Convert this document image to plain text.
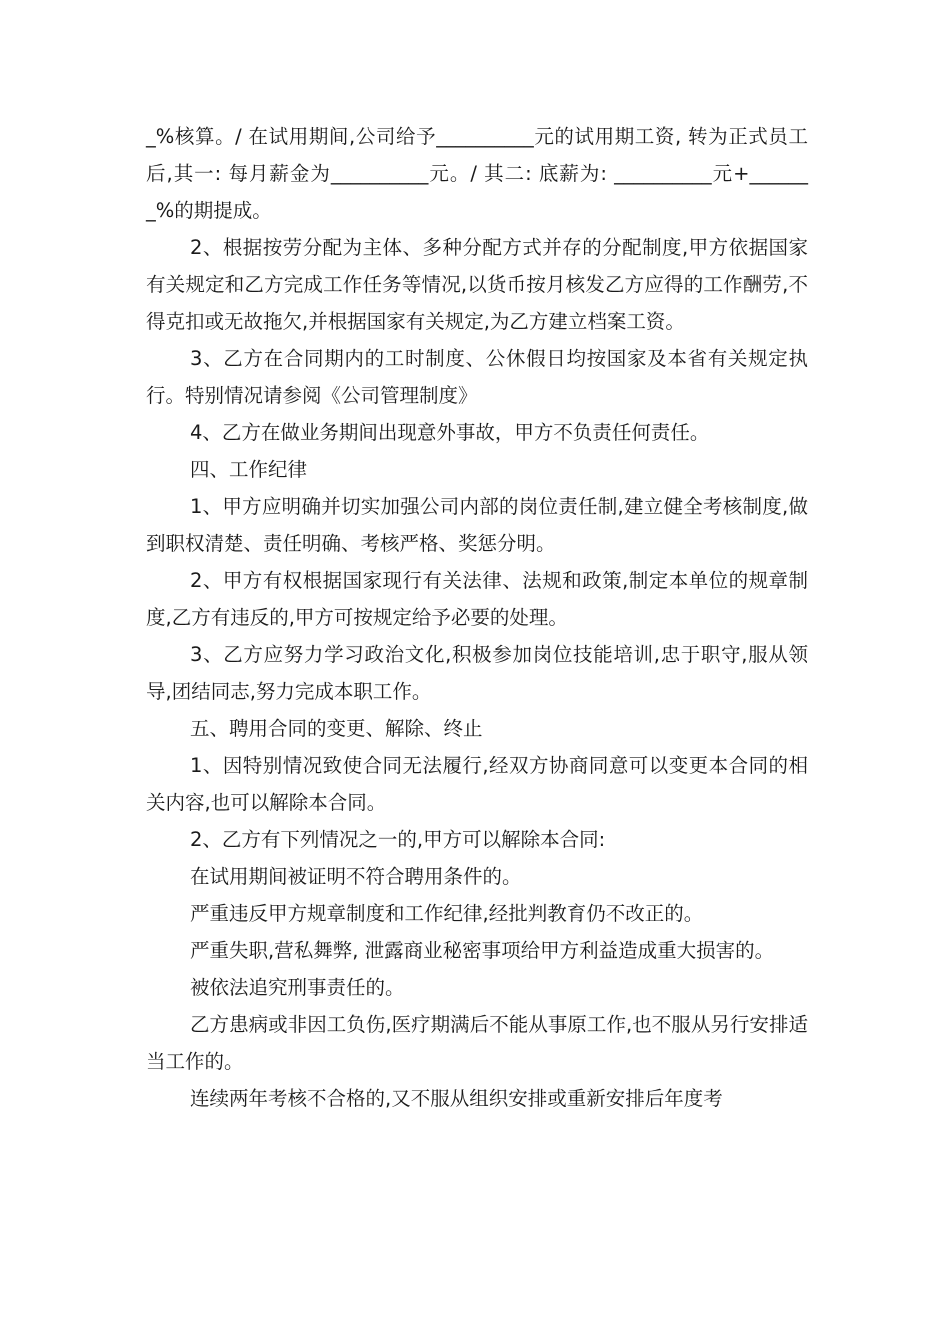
_%核算。/ 在试用期间,公司给予__________元的试用期工资, 转为正式员工后,其一: 每月薪金为__________元。/ 其二: 底薪为: __________元+_______%的期提成。

2、根据按劳分配为主体、多种分配方式并存的分配制度,甲方依据国家有关规定和乙方完成工作任务等情况,以货币按月核发乙方应得的工作酬劳,不得克扣或无故拖欠,并根据国家有关规定,为乙方建立档案工资。

3、乙方在合同期内的工时制度、公休假日均按国家及本省有关规定执行。特别情况请参阅《公司管理制度》

4、乙方在做业务期间出现意外事故，甲方不负责任何责任。

四、工作纪律

1、甲方应明确并切实加强公司内部的岗位责任制,建立健全考核制度,做到职权清楚、责任明确、考核严格、奖惩分明。

2、甲方有权根据国家现行有关法律、法规和政策,制定本单位的规章制度,乙方有违反的,甲方可按规定给予必要的处理。

3、乙方应努力学习政治文化,积极参加岗位技能培训,忠于职守,服从领导,团结同志,努力完成本职工作。

五、聘用合同的变更、解除、终止

1、因特别情况致使合同无法履行,经双方协商同意可以变更本合同的相关内容,也可以解除本合同。

2、乙方有下列情况之一的,甲方可以解除本合同:

在试用期间被证明不符合聘用条件的。

严重违反甲方规章制度和工作纪律,经批判教育仍不改正的。

严重失职,营私舞弊, 泄露商业秘密事项给甲方利益造成重大损害的。

被依法追究刑事责任的。

乙方患病或非因工负伤,医疗期满后不能从事原工作,也不服从另行安排适当工作的。

连续两年考核不合格的,又不服从组织安排或重新安排后年度考
